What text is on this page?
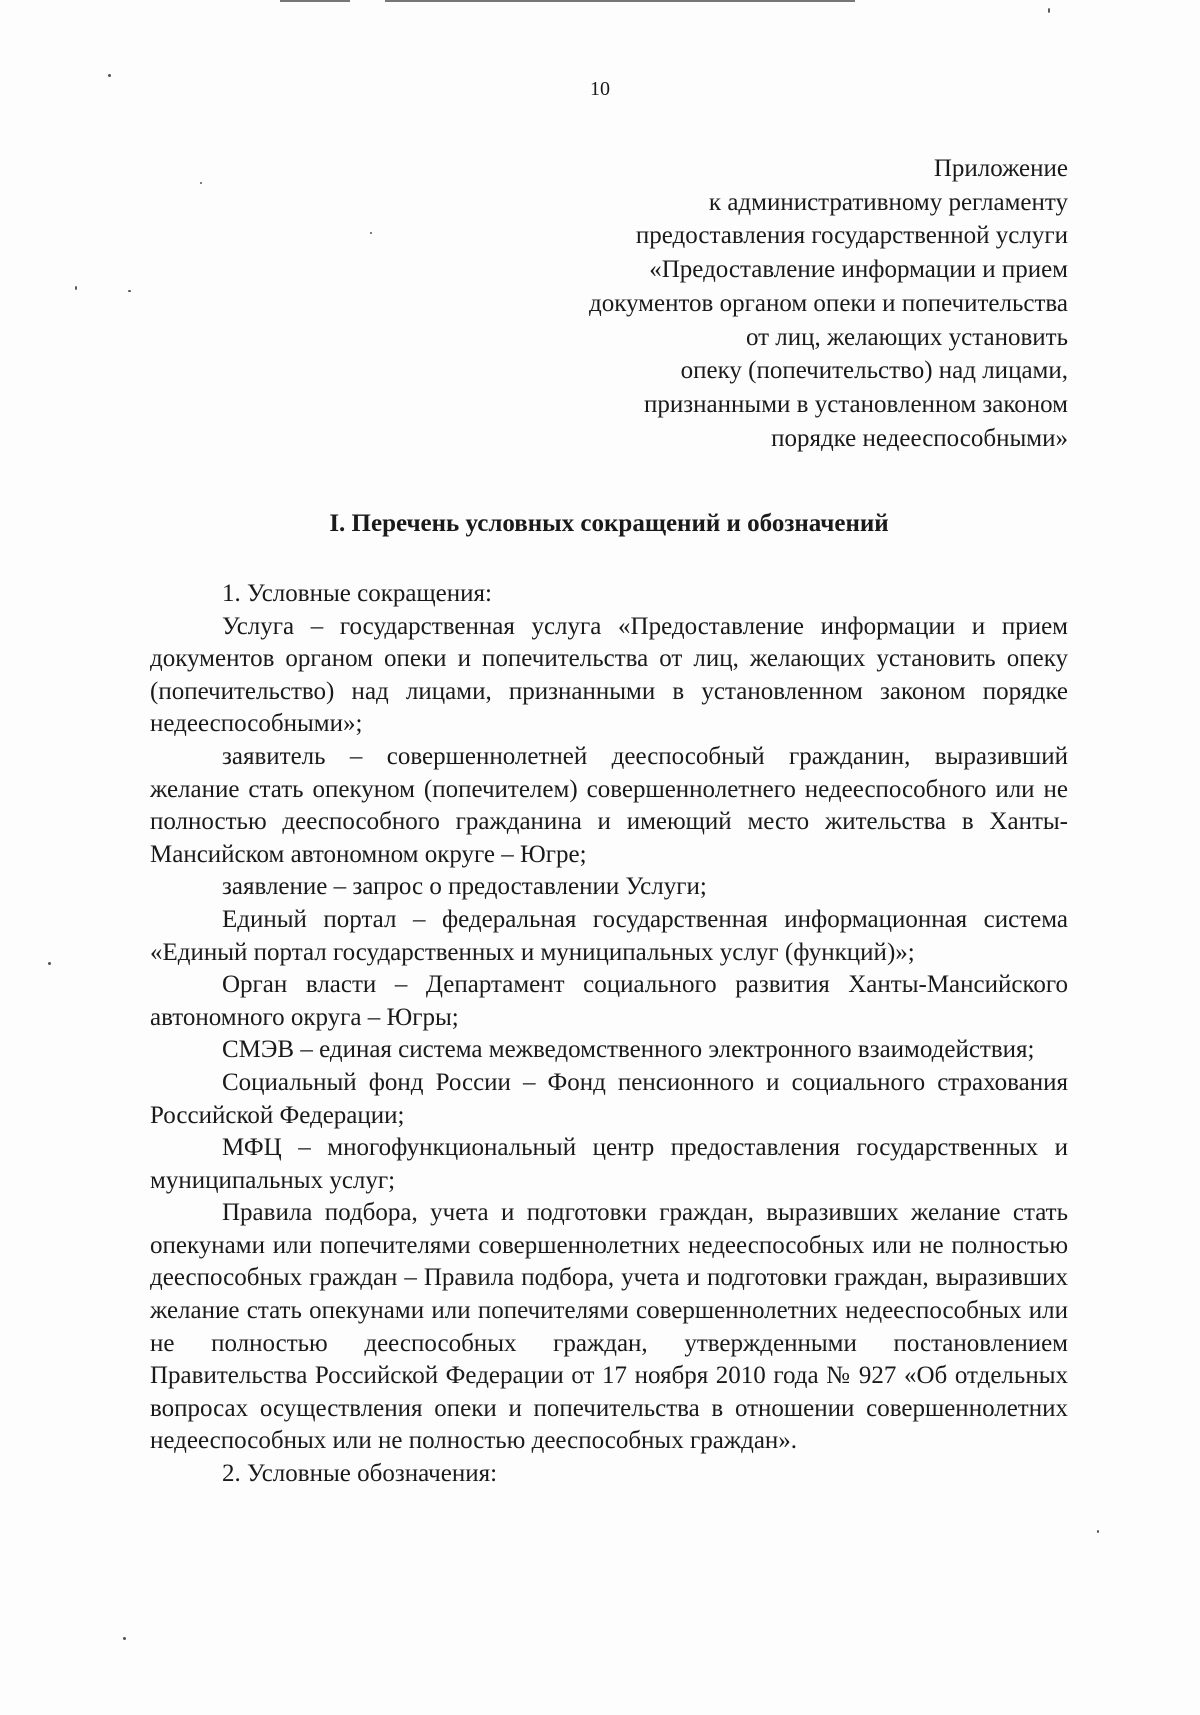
10
Приложение
к административному регламенту
предоставления государственной услуги
«Предоставление информации и прием
документов органом опеки и попечительства
от лиц, желающих установить
опеку (попечительство) над лицами,
признанными в установленном законом
порядке недееспособными»
I. Перечень условных сокращений и обозначений

1. Условные сокращения:

Услуга – государственная услуга «Предоставление информации и прием документов органом опеки и попечительства от лиц, желающих установить опеку (попечительство) над лицами, признанными в установленном законом порядке недееспособными»;

заявитель – совершеннолетней дееспособный гражданин, выразивший желание стать опекуном (попечителем) совершеннолетнего недееспособного или не полностью дееспособного гражданина и имеющий место жительства в Ханты-Мансийском автономном округе – Югре;

заявление – запрос о предоставлении Услуги;

Единый портал – федеральная государственная информационная система «Единый портал государственных и муниципальных услуг (функций)»;

Орган власти – Департамент социального развития Ханты-Мансийского автономного округа – Югры;

СМЭВ – единая система межведомственного электронного взаимодействия;

Социальный фонд России – Фонд пенсионного и социального страхования Российской Федерации;

МФЦ – многофункциональный центр предоставления государственных и муниципальных услуг;

Правила подбора, учета и подготовки граждан, выразивших желание стать опекунами или попечителями совершеннолетних недееспособных или не полностью дееспособных граждан – Правила подбора, учета и подготовки граждан, выразивших желание стать опекунами или попечителями совершеннолетних недееспособных или не полностью дееспособных граждан, утвержденными постановлением Правительства Российской Федерации от 17 ноября 2010 года № 927 «Об отдельных вопросах осуществления опеки и попечительства в отношении совершеннолетних недееспособных или не полностью дееспособных граждан».

2. Условные обозначения:
